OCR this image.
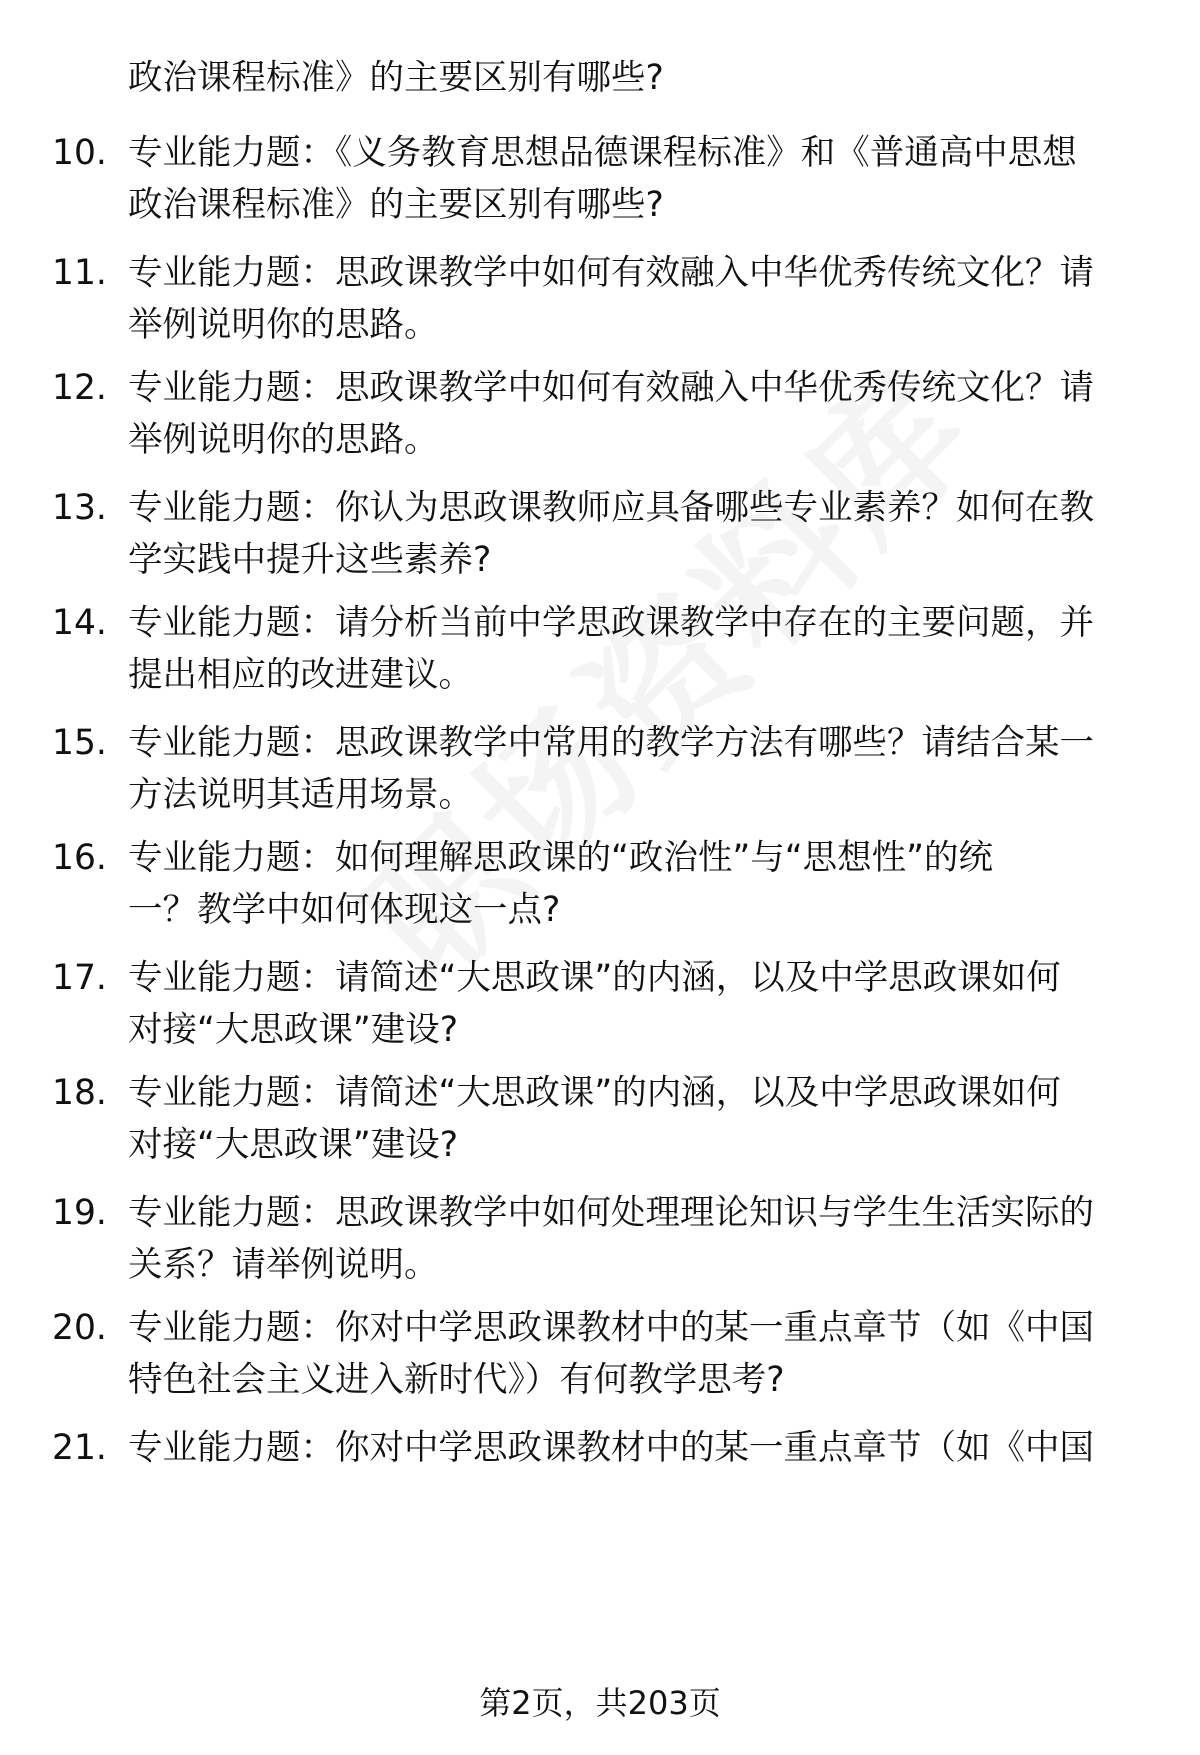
政治课程标准》的主要区别有哪些?
10. 专业能力题：《义务教育思想品德课程标准》和《普通高中思想
政治课程标准》的主要区别有哪些?
11. 专业能力题：思政课教学中如何有效融入中华优秀传统文化？请
举例说明你的思路。
12. 专业能力题：思政课教学中如何有效融入中华优秀传统文化？请
举例说明你的思路。
13. 专业能力题：你认为思政课教师应具备哪些专业素养？如何在教
学实践中提升这些素养?
14. 专业能力题：请分析当前中学思政课教学中存在的主要问题，并
提出相应的改进建议。
15. 专业能力题：思政课教学中常用的教学方法有哪些？请结合某一
方法说明其适用场景。
16. 专业能力题：如何理解思政课的“政治性”与“思想性”的统
一？教学中如何体现这一点?
17. 专业能力题：请简述“大思政课”的内涵，以及中学思政课如何
对接“大思政课”建设?
18. 专业能力题：请简述“大思政课”的内涵，以及中学思政课如何
对接“大思政课”建设?
19. 专业能力题：思政课教学中如何处理理论知识与学生生活实际的
关系？请举例说明。
20. 专业能力题：你对中学思政课教材中的某一重点章节（如《中国
特色社会主义进入新时代》）有何教学思考?
21. 专业能力题：你对中学思政课教材中的某一重点章节（如《中国
第2页，共203页
